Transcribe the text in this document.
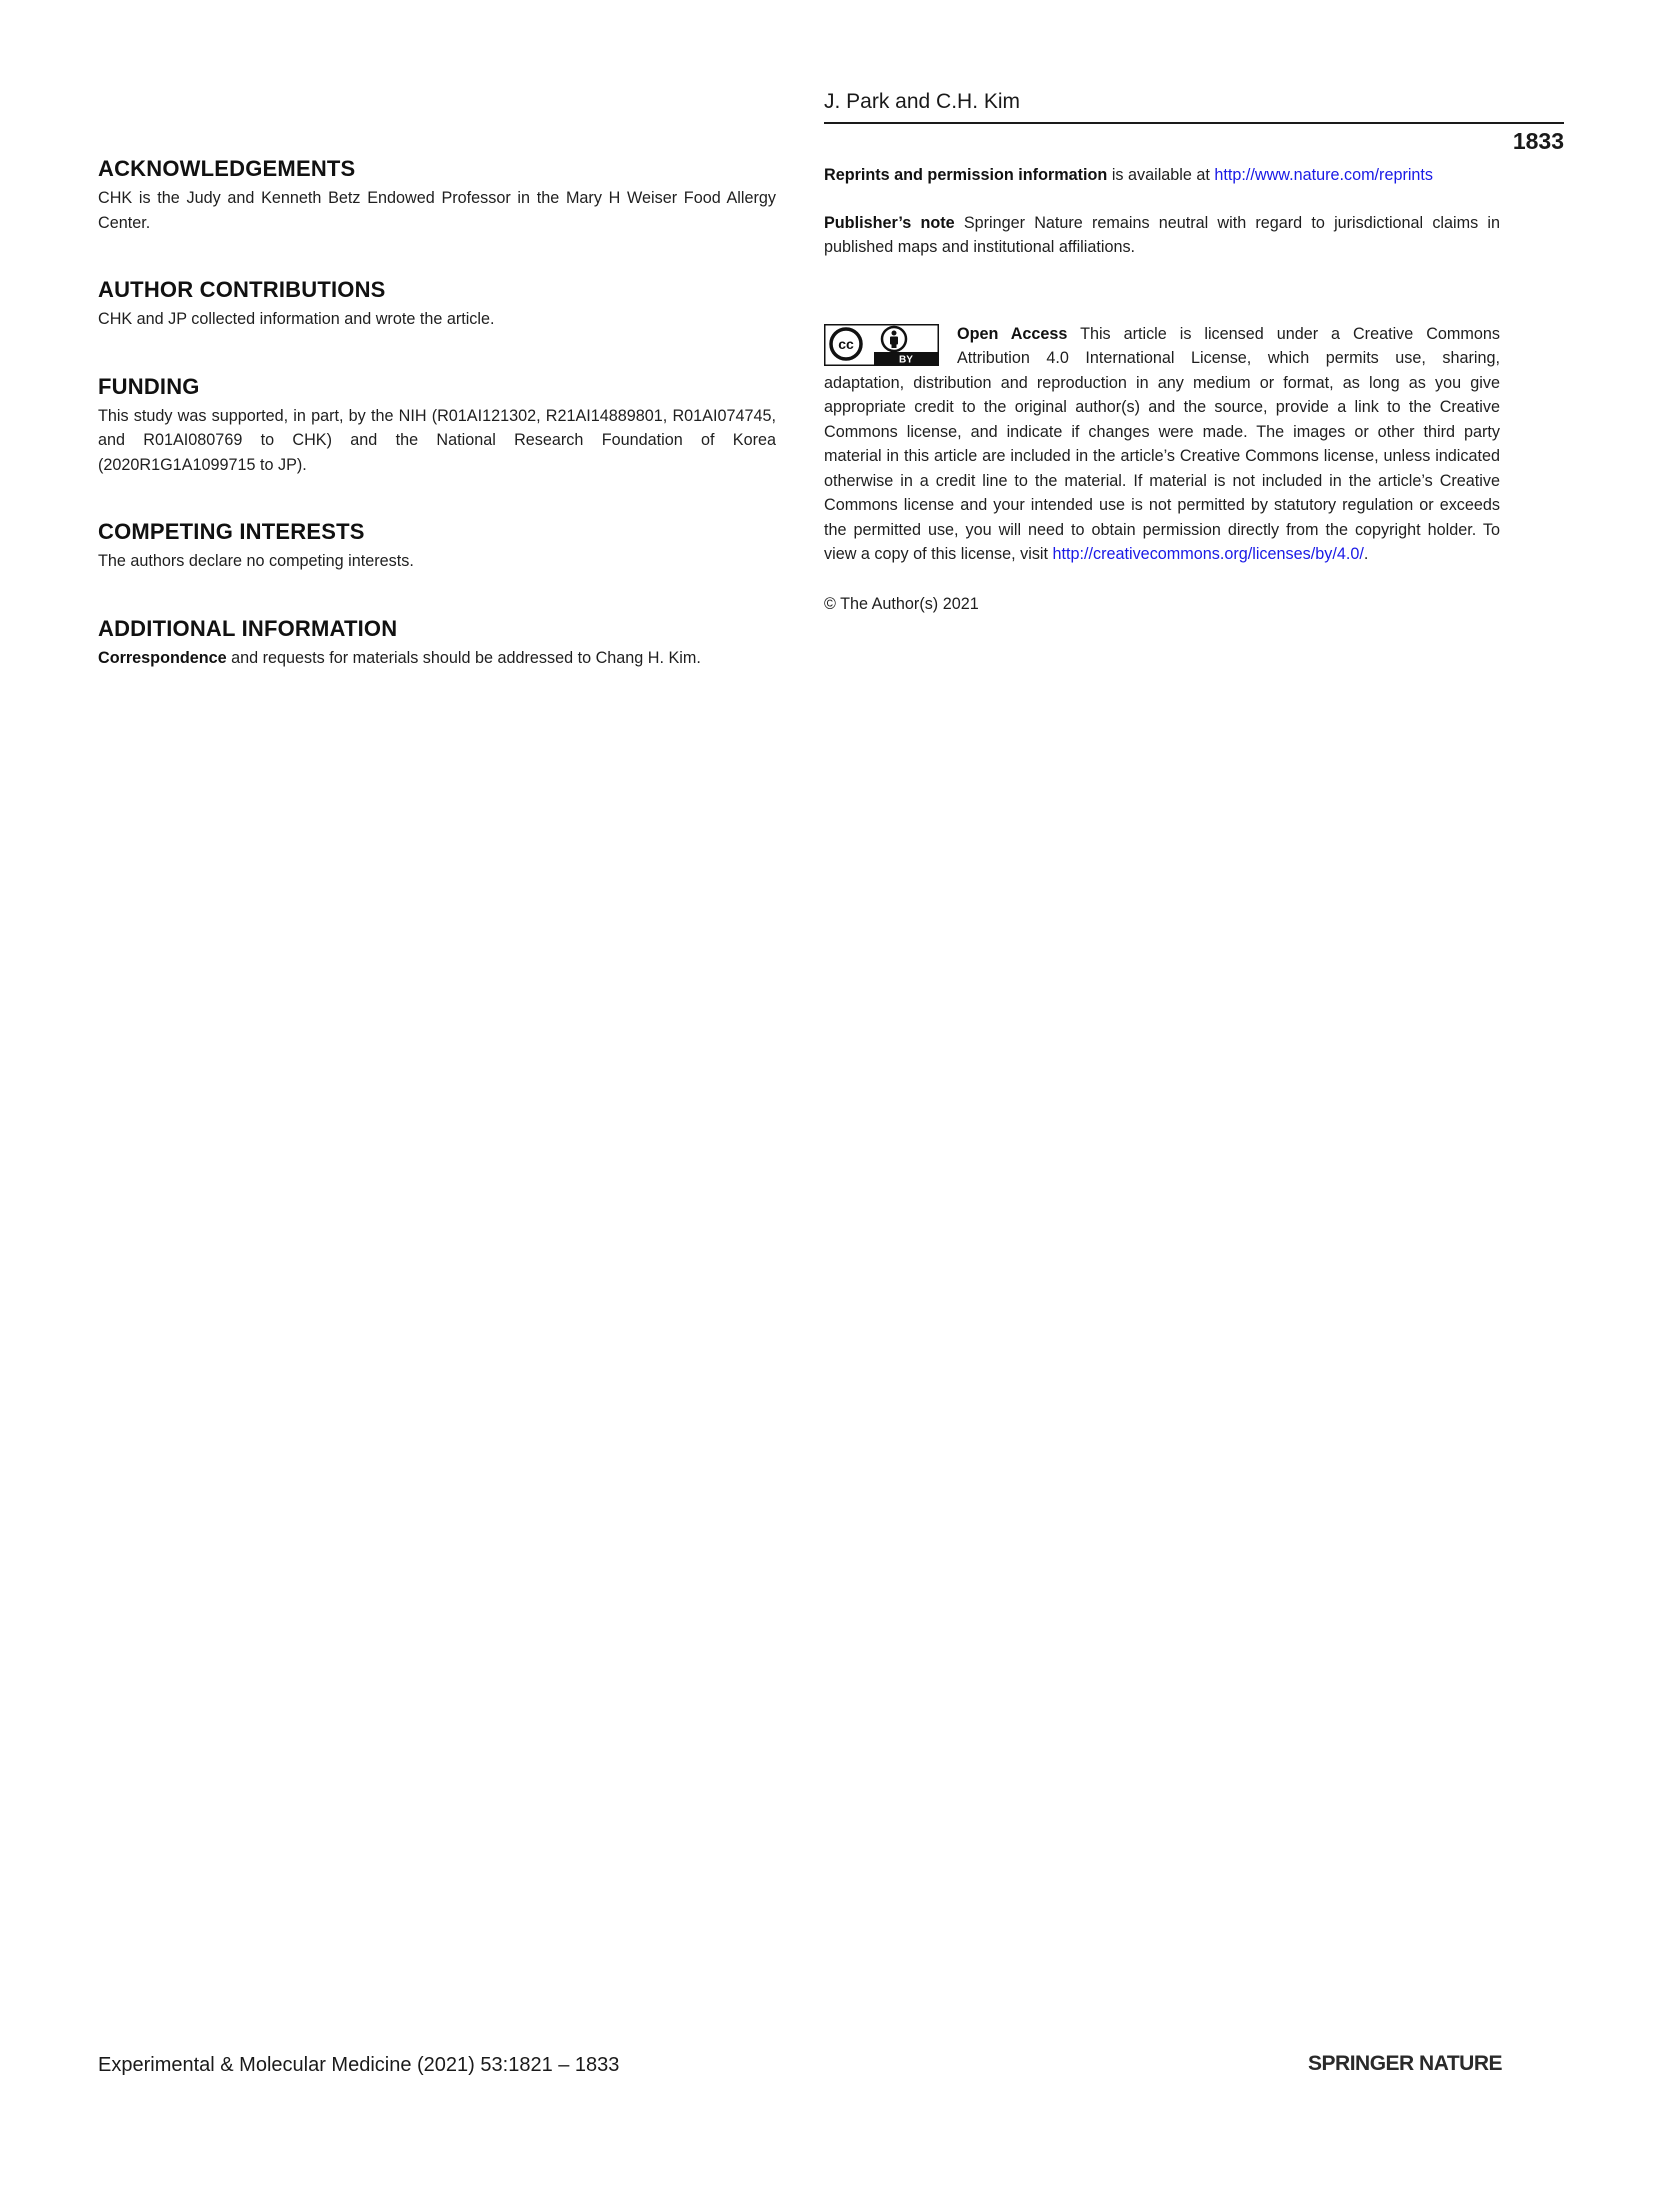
J. Park and C.H. Kim
1833
ACKNOWLEDGEMENTS

CHK is the Judy and Kenneth Betz Endowed Professor in the Mary H Weiser Food Allergy Center.

AUTHOR CONTRIBUTIONS

CHK and JP collected information and wrote the article.

FUNDING

This study was supported, in part, by the NIH (R01AI121302, R21AI14889801, R01AI074745, and R01AI080769 to CHK) and the National Research Foundation of Korea (2020R1G1A1099715 to JP).

COMPETING INTERESTS

The authors declare no competing interests.

ADDITIONAL INFORMATION

Correspondence and requests for materials should be addressed to Chang H. Kim.

Reprints and permission information is available at http://www.nature.com/reprints

Publisher’s note Springer Nature remains neutral with regard to jurisdictional claims in published maps and institutional affiliations.

cc
BY

Open Access This article is licensed under a Creative Commons Attribution 4.0 International License, which permits use, sharing, adaptation, distribution and reproduction in any medium or format, as long as you give appropriate credit to the original author(s) and the source, provide a link to the Creative Commons license, and indicate if changes were made. The images or other third party material in this article are included in the article’s Creative Commons license, unless indicated otherwise in a credit line to the material. If material is not included in the article’s Creative Commons license and your intended use is not permitted by statutory regulation or exceeds the permitted use, you will need to obtain permission directly from the copyright holder. To view a copy of this license, visit http://creativecommons.org/licenses/by/4.0/.

© The Author(s) 2021
Experimental & Molecular Medicine (2021) 53:1821 – 1833	SPRINGER NATURE
